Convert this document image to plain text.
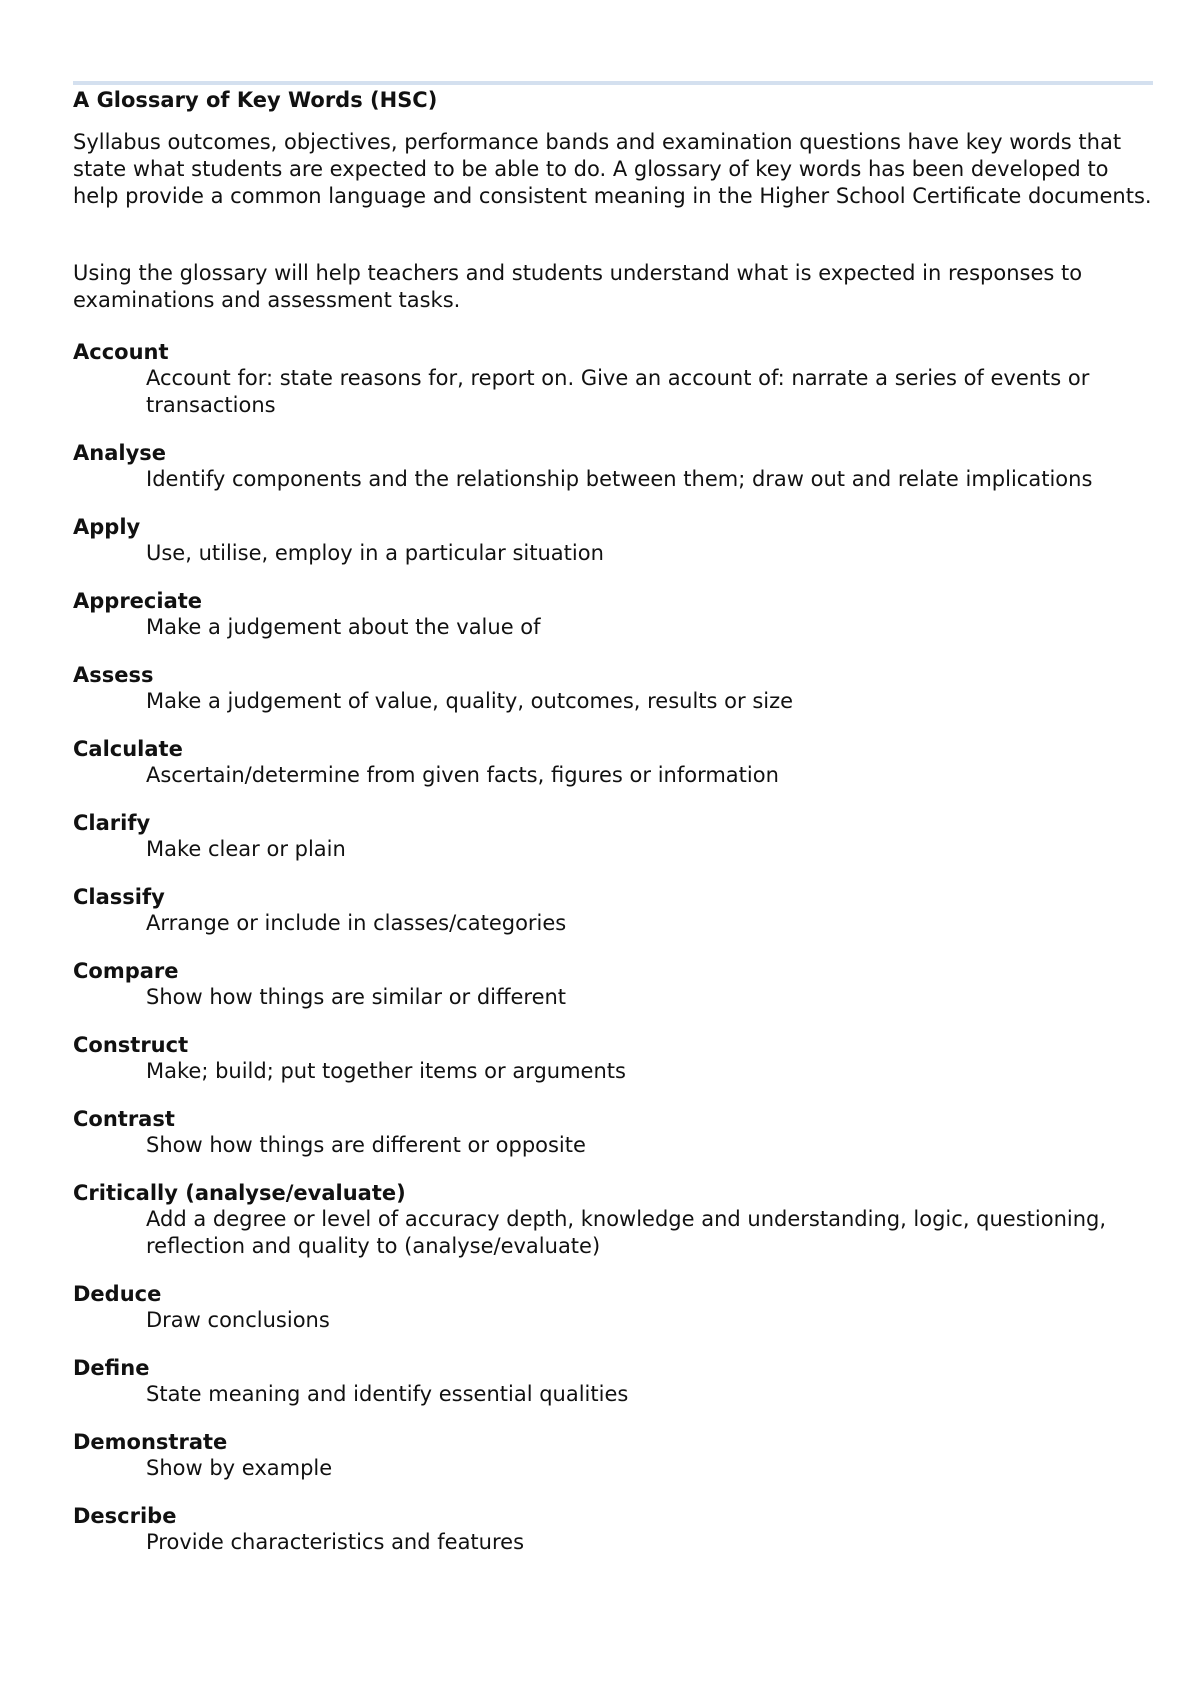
A Glossary of Key Words (HSC)

Syllabus outcomes, objectives, performance bands and examination questions have key words that state what students are expected to be able to do. A glossary of key words has been developed to help provide a common language and consistent meaning in the Higher School Certificate documents.

Using the glossary will help teachers and students understand what is expected in responses to examinations and assessment tasks.

Account

Account for: state reasons for, report on. Give an account of: narrate a series of events or transactions

Analyse

Identify components and the relationship between them; draw out and relate implications

Apply

Use, utilise, employ in a particular situation

Appreciate

Make a judgement about the value of

Assess

Make a judgement of value, quality, outcomes, results or size

Calculate

Ascertain/determine from given facts, figures or information

Clarify

Make clear or plain

Classify

Arrange or include in classes/categories

Compare

Show how things are similar or different

Construct

Make; build; put together items or arguments

Contrast

Show how things are different or opposite

Critically (analyse/evaluate)

Add a degree or level of accuracy depth, knowledge and understanding, logic, questioning, reflection and quality to (analyse/evaluate)

Deduce

Draw conclusions

Define

State meaning and identify essential qualities

Demonstrate

Show by example

Describe

Provide characteristics and features
